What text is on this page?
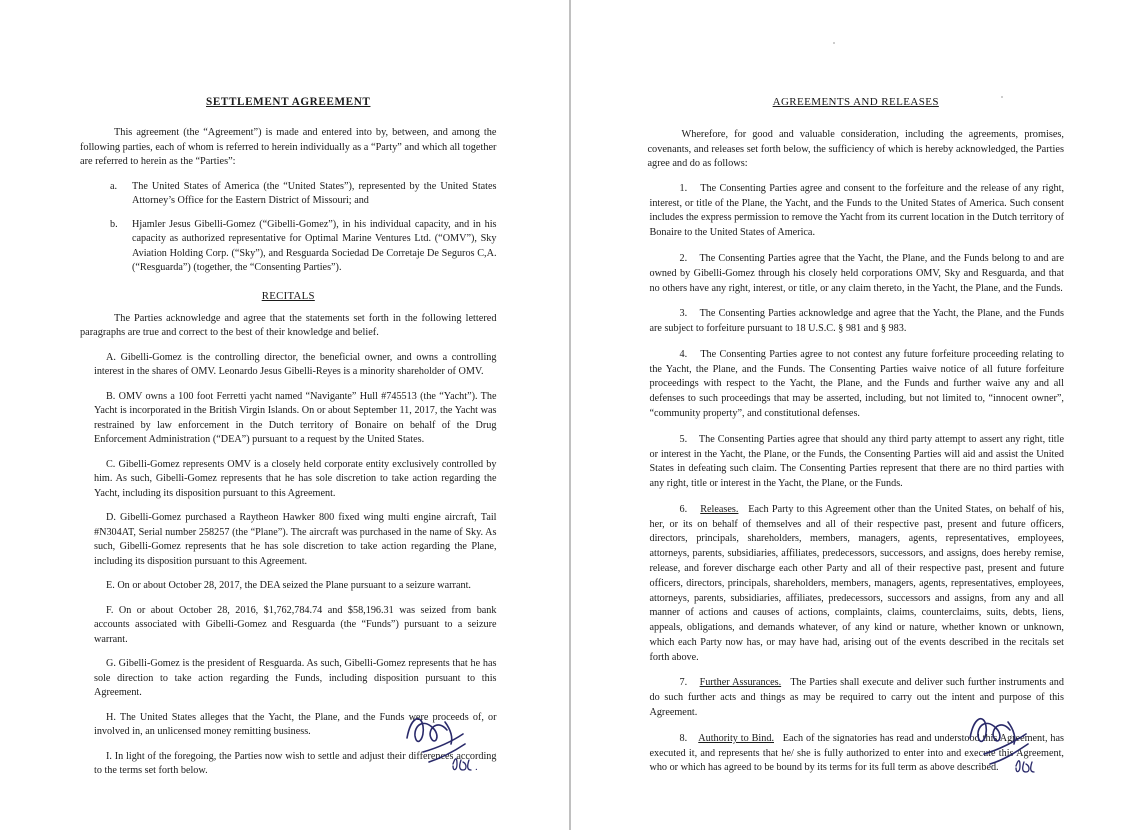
SETTLEMENT AGREEMENT

This agreement (the “Agreement”) is made and entered into by, between, and among the following parties, each of whom is referred to herein individually as a “Party” and which all together are referred to herein as the “Parties”:

a. The United States of America (the “United States”), represented by the United States Attorney’s Office for the Eastern District of Missouri; and
b. Hjamler Jesus Gibelli-Gomez (“Gibelli-Gomez”), in his individual capacity, and in his capacity as authorized representative for Optimal Marine Ventures Ltd. (“OMV”), Sky Aviation Holding Corp. (“Sky”), and Resguarda Sociedad De Corretaje De Seguros C,A. (“Resguarda”) (together, the “Consenting Parties”).
RECITALS

The Parties acknowledge and agree that the statements set forth in the following lettered paragraphs are true and correct to the best of their knowledge and belief.

A. Gibelli-Gomez is the controlling director, the beneficial owner, and owns a controlling interest in the shares of OMV. Leonardo Jesus Gibelli-Reyes is a minority shareholder of OMV.

B. OMV owns a 100 foot Ferretti yacht named “Navigante” Hull #745513 (the “Yacht”). The Yacht is incorporated in the British Virgin Islands. On or about September 11, 2017, the Yacht was restrained by law enforcement in the Dutch territory of Bonaire on behalf of the Drug Enforcement Administration (“DEA”) pursuant to a request by the United States.

C. Gibelli-Gomez represents OMV is a closely held corporate entity exclusively controlled by him. As such, Gibelli-Gomez represents that he has sole discretion to take action regarding the Yacht, including its disposition pursuant to this Agreement.

D. Gibelli-Gomez purchased a Raytheon Hawker 800 fixed wing multi engine aircraft, Tail #N304AT, Serial number 258257 (the “Plane”). The aircraft was purchased in the name of Sky. As such, Gibelli-Gomez represents that he has sole discretion to take action regarding the Plane, including its disposition pursuant to this Agreement.

E. On or about October 28, 2017, the DEA seized the Plane pursuant to a seizure warrant.

F. On or about October 28, 2016, $1,762,784.74 and $58,196.31 was seized from bank accounts associated with Gibelli-Gomez and Resguarda (the “Funds”) pursuant to a seizure warrant.

G. Gibelli-Gomez is the president of Resguarda. As such, Gibelli-Gomez represents that he has sole direction to take action regarding the Funds, including disposition pursuant to this Agreement.

H. The United States alleges that the Yacht, the Plane, and the Funds were proceeds of, or involved in, an unlicensed money remitting business.

I. In light of the foregoing, the Parties now wish to settle and adjust their differences according to the terms set forth below.	.
AGREEMENTS AND RELEASES

Wherefore, for good and valuable consideration, including the agreements, promises, covenants, and releases set forth below, the sufficiency of which is hereby acknowledged, the Parties agree and do as follows:

1. The Consenting Parties agree and consent to the forfeiture and the release of any right, interest, or title of the Plane, the Yacht, and the Funds to the United States of America. Such consent includes the express permission to remove the Yacht from its current location in the Dutch territory of Bonaire to the United States of America.

2. The Consenting Parties agree that the Yacht, the Plane, and the Funds belong to and are owned by Gibelli-Gomez through his closely held corporations OMV, Sky and Resguarda, and that no others have any right, interest, or title, or any claim thereto, in the Yacht, the Plane, and the Funds.

3. The Consenting Parties acknowledge and agree that the Yacht, the Plane, and the Funds are subject to forfeiture pursuant to 18 U.S.C. § 981 and § 983.

4. The Consenting Parties agree to not contest any future forfeiture proceeding relating to the Yacht, the Plane, and the Funds. The Consenting Parties waive notice of all future forfeiture proceedings with respect to the Yacht, the Plane, and the Funds and further waive any and all defenses to such proceedings that may be asserted, including, but not limited to, “innocent owner”, “community property”, and constitutional defenses.

5. The Consenting Parties agree that should any third party attempt to assert any right, title or interest in the Yacht, the Plane, or the Funds, the Consenting Parties will aid and assist the United States in defeating such claim. The Consenting Parties represent that there are no third parties with any right, title or interest in the Yacht, the Plane, or the Funds.

6. Releases. Each Party to this Agreement other than the United States, on behalf of his, her, or its on behalf of themselves and all of their respective past, present and future officers, directors, principals, shareholders, members, managers, agents, representatives, employees, attorneys, parents, subsidiaries, affiliates, predecessors, successors, and assigns, does hereby remise, release, and forever discharge each other Party and all of their respective past, present and future officers, directors, principals, shareholders, members, managers, agents, representatives, employees, attorneys, parents, subsidiaries, affiliates, predecessors, successors and assigns, from any and all manner of actions and causes of actions, complaints, claims, counterclaims, suits, debts, liens, appeals, obligations, and demands whatever, of any kind or nature, whether known or unknown, which each Party now has, or may have had, arising out of the events described in the recitals set forth above.

7. Further Assurances. The Parties shall execute and deliver such further instruments and do such further acts and things as may be required to carry out the intent and purpose of this Agreement.

8. Authority to Bind. Each of the signatories has read and understood this Agreement, has executed it, and represents that he/ she is fully authorized to enter into and execute this Agreement, who or which has agreed to be bound by its terms for its full term as above described.
